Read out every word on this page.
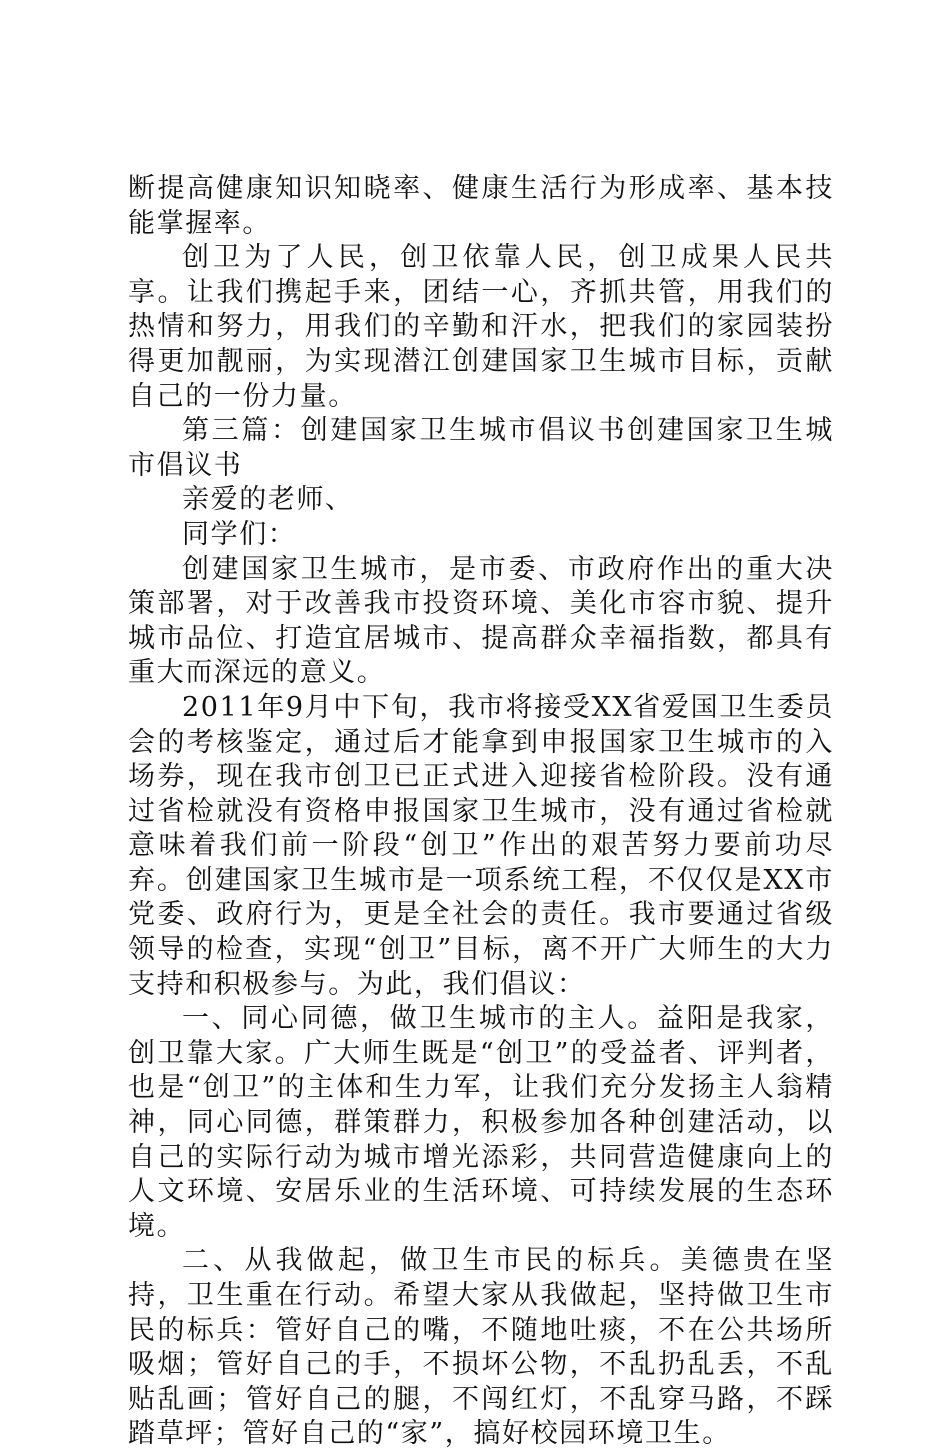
断提高健康知识知晓率、健康生活行为形成率、基本技能掌握率。

创卫为了人民，创卫依靠人民，创卫成果人民共享。让我们携起手来，团结一心，齐抓共管，用我们的热情和努力，用我们的辛勤和汗水，把我们的家园装扮得更加靓丽，为实现潜江创建国家卫生城市目标，贡献自己的一份力量。

第三篇：创建国家卫生城市倡议书创建国家卫生城市倡议书

亲爱的老师、

同学们：

创建国家卫生城市，是市委、市政府作出的重大决策部署，对于改善我市投资环境、美化市容市貌、提升城市品位、打造宜居城市、提高群众幸福指数，都具有重大而深远的意义。

2011年9月中下旬，我市将接受XX省爱国卫生委员会的考核鉴定，通过后才能拿到申报国家卫生城市的入场券，现在我市创卫已正式进入迎接省检阶段。没有通过省检就没有资格申报国家卫生城市，没有通过省检就意味着我们前一阶段“创卫”作出的艰苦努力要前功尽弃。创建国家卫生城市是一项系统工程，不仅仅是XX市党委、政府行为，更是全社会的责任。我市要通过省级领导的检查，实现“创卫”目标，离不开广大师生的大力支持和积极参与。为此，我们倡议：

一、同心同德，做卫生城市的主人。益阳是我家，创卫靠大家。广大师生既是“创卫”的受益者、评判者，也是“创卫”的主体和生力军，让我们充分发扬主人翁精神，同心同德，群策群力，积极参加各种创建活动，以自己的实际行动为城市增光添彩，共同营造健康向上的人文环境、安居乐业的生活环境、可持续发展的生态环境。

二、从我做起，做卫生市民的标兵。美德贵在坚持，卫生重在行动。希望大家从我做起，坚持做卫生市民的标兵：管好自己的嘴，不随地吐痰，不在公共场所吸烟；管好自己的手，不损坏公物，不乱扔乱丢，不乱贴乱画；管好自己的腿，不闯红灯，不乱穿马路，不踩踏草坪；管好自己的“家”，搞好校园环境卫生。
